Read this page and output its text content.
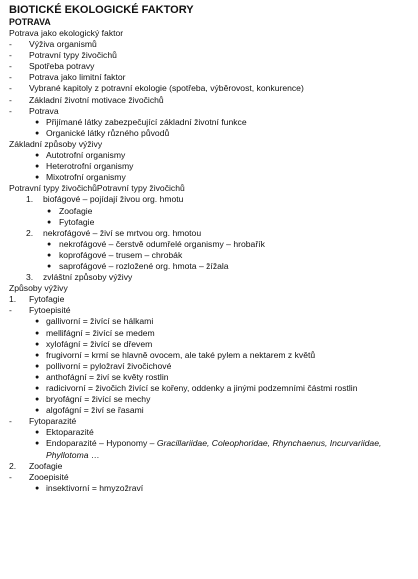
BIOTICKÉ EKOLOGICKÉ FAKTORY
POTRAVA
Potrava jako ekologický faktor
- Výživa organismů
- Potravní typy živočichů
- Spotřeba potravy
- Potrava jako limitní faktor
- Vybrané kapitoly z potravní ekologie (spotřeba, výběrovost, konkurence)
- Základní životní motivace živočichů
- Potrava
● Přijímané látky zabezpečující základní životní funkce
● Organické látky různého původů
Základní způsoby výživy
● Autotrofní organismy
● Heterotrofní organismy
● Mixotrofní organismy
Potravní typy živočichůPotravní typy živočichů
1. biofágové – pojídají živou org. hmotu
● Zoofagie
● Fytofagie
2. nekrofágové – živí se mrtvou org. hmotou
● nekrofágové – čerstvě odumřelé organismy – hrobařík
● koprofágové – trusem – chrobák
● saprofágové – rozložené org. hmota – žížala
3. zvláštní způsoby výživy
Způsoby výživy
1. Fytofagie
- Fytoepisité
● gallivorní = živící se hálkami
● mellifágní = živící se medem
● xylofágní = živící se dřevem
● frugivorní = krmí se hlavně ovocem, ale také pylem a nektarem z květů
● pollivorní = pyložraví živočichové
● anthofágní = živí se květy rostlin
● radicivorní = živočich živící se kořeny, oddenky a jinými podzemními částmi rostlin
● bryofágní = živící se mechy
● algofágní = živí se řasami
- Fytoparazité
● Ektoparazité
● Endoparazité – Hyponomy – Gracillariidae, Coleophoridae, Rhynchaenus, Incurvariidae,
Phyllotoma …
2. Zoofagie
- Zooepisité
● insektivorní = hmyzožraví
